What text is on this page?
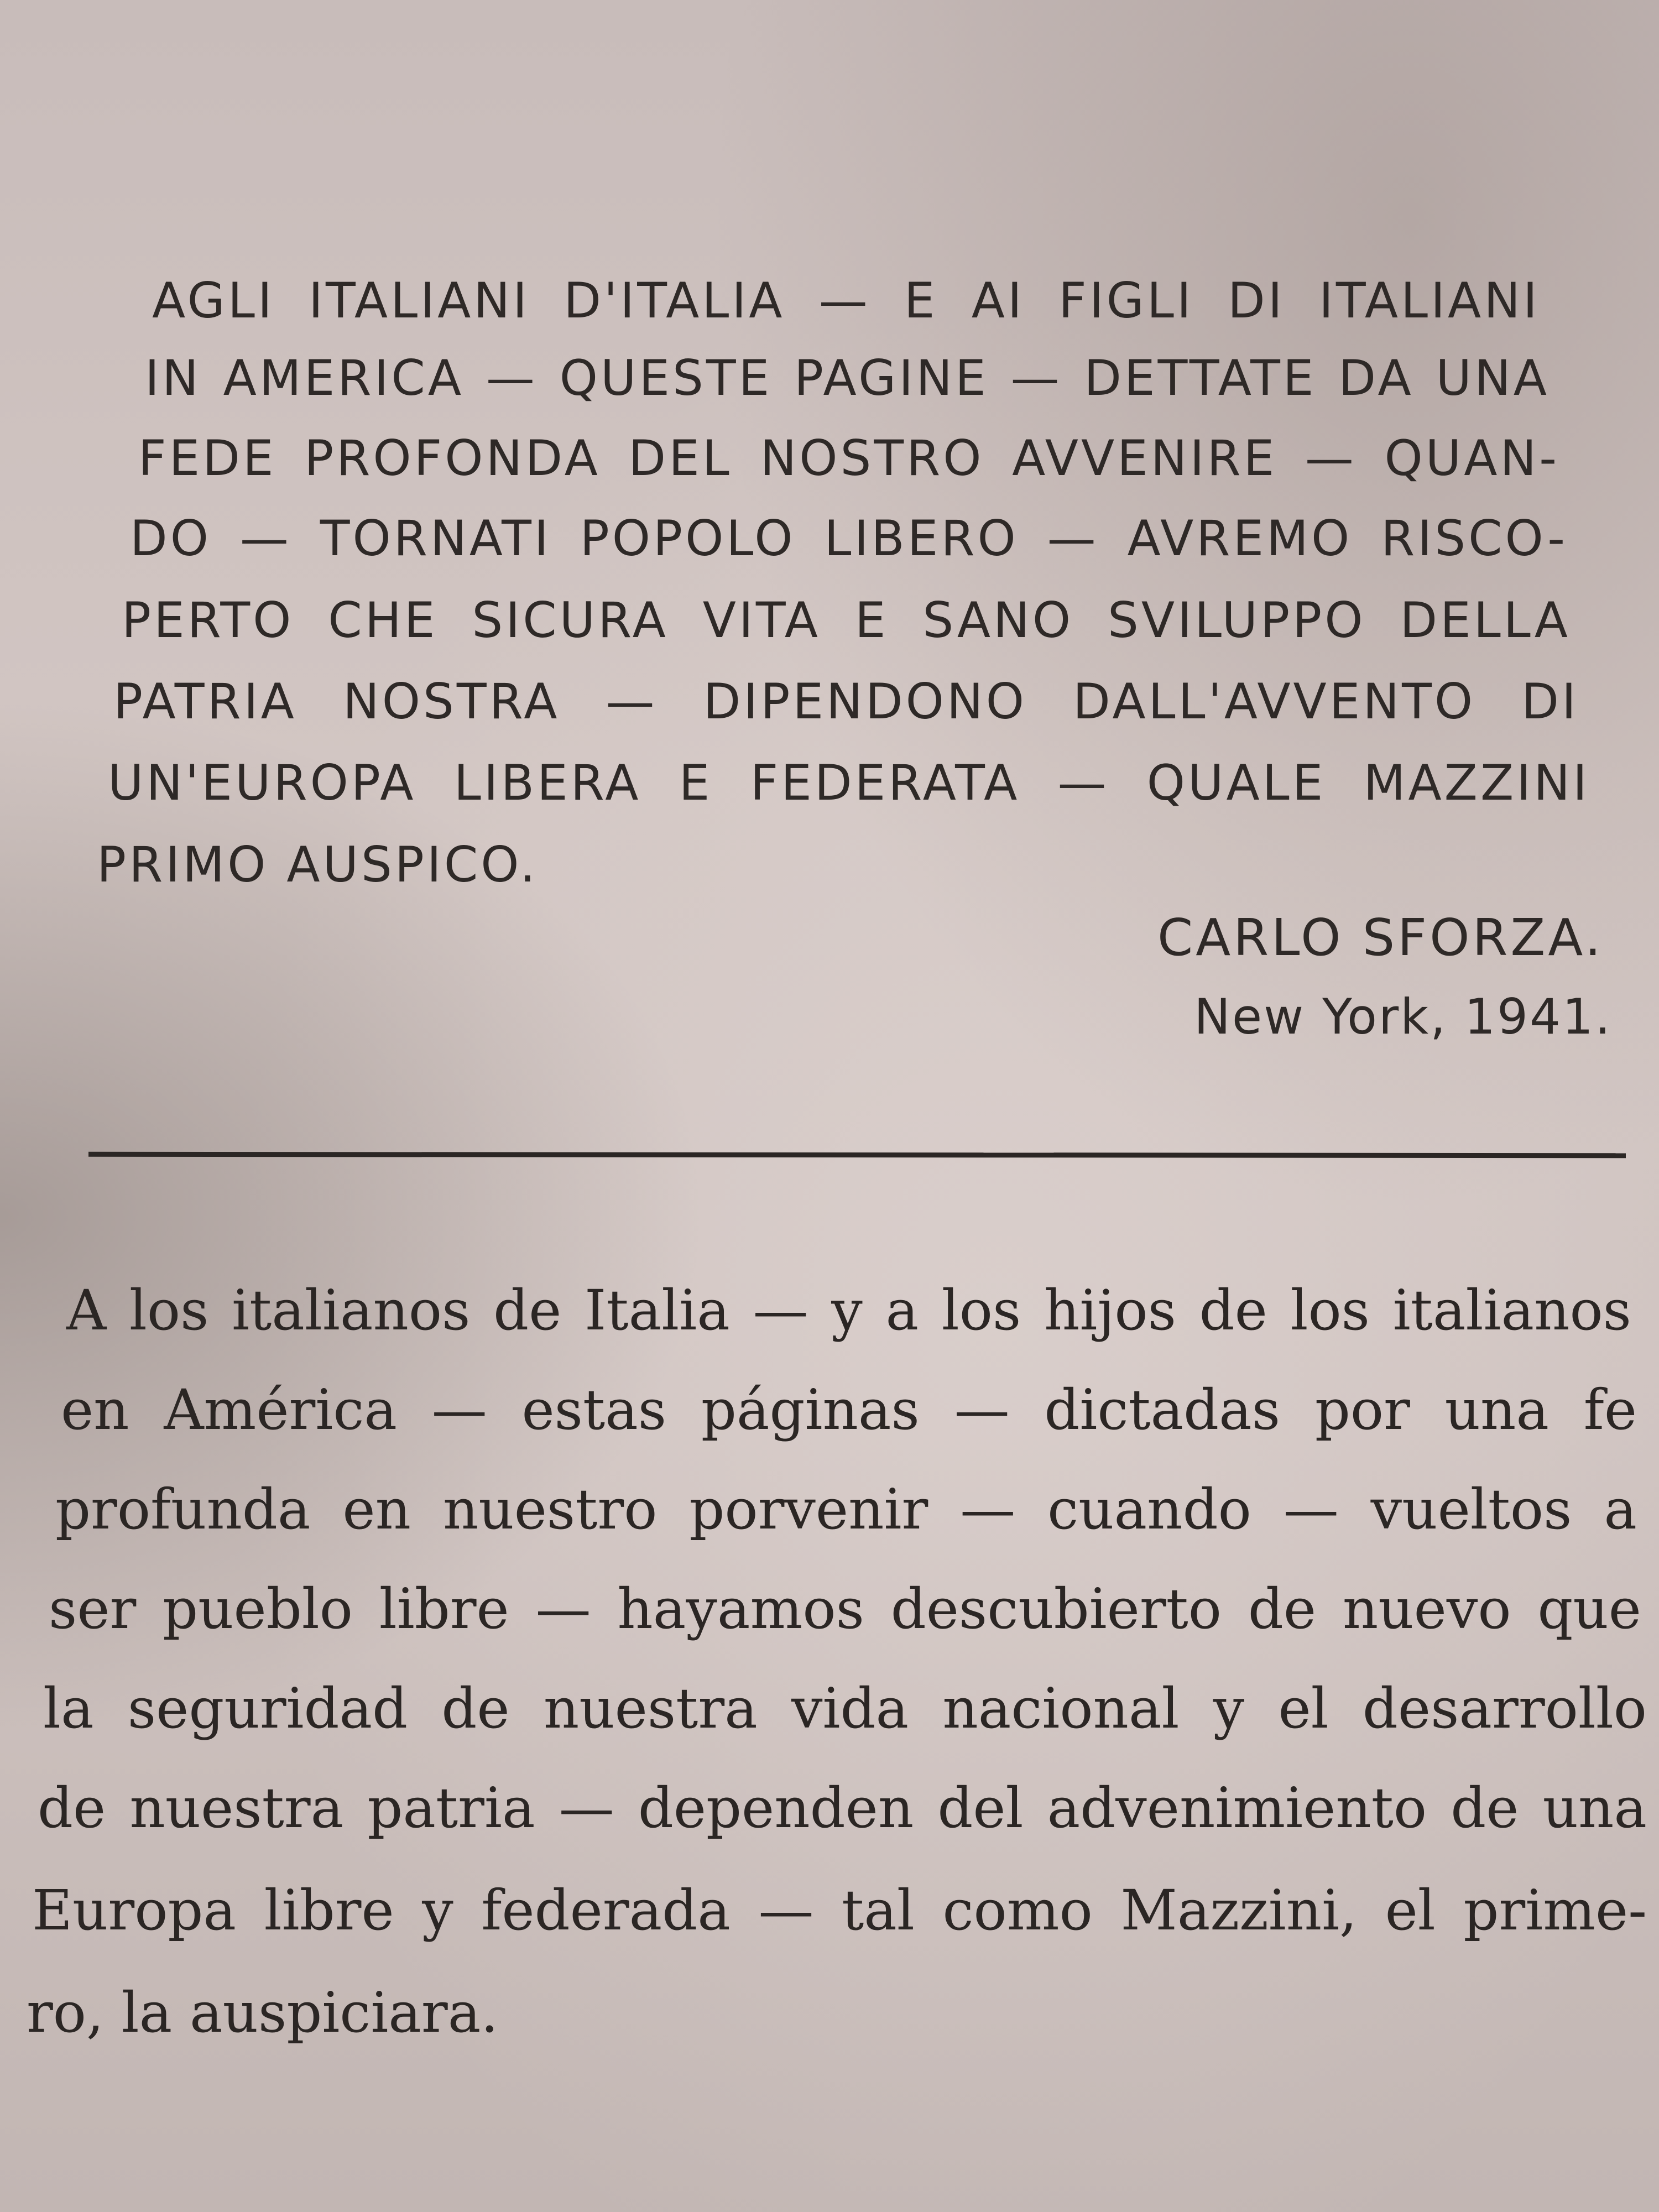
AGLI ITALIANI D'ITALIA — E AI FIGLI DI ITALIANI
IN AMERICA — QUESTE PAGINE — DETTATE DA UNA
FEDE PROFONDA DEL NOSTRO AVVENIRE — QUAN-
DO — TORNATI POPOLO LIBERO — AVREMO RISCO-
PERTO CHE SICURA VITA E SANO SVILUPPO DELLA
PATRIA NOSTRA — DIPENDONO DALL'AVVENTO DI
UN'EUROPA LIBERA E FEDERATA — QUALE MAZZINI
PRIMO AUSPICO.
CARLO SFORZA.
New York, 1941.
A los italianos de Italia — y a los hijos de los italianos
en América — estas páginas — dictadas por una fe
profunda en nuestro porvenir — cuando — vueltos a
ser pueblo libre — hayamos descubierto de nuevo que
la seguridad de nuestra vida nacional y el desarrollo
de nuestra patria — dependen del advenimiento de una
Europa libre y federada — tal como Mazzini, el prime-
ro, la auspiciara.
